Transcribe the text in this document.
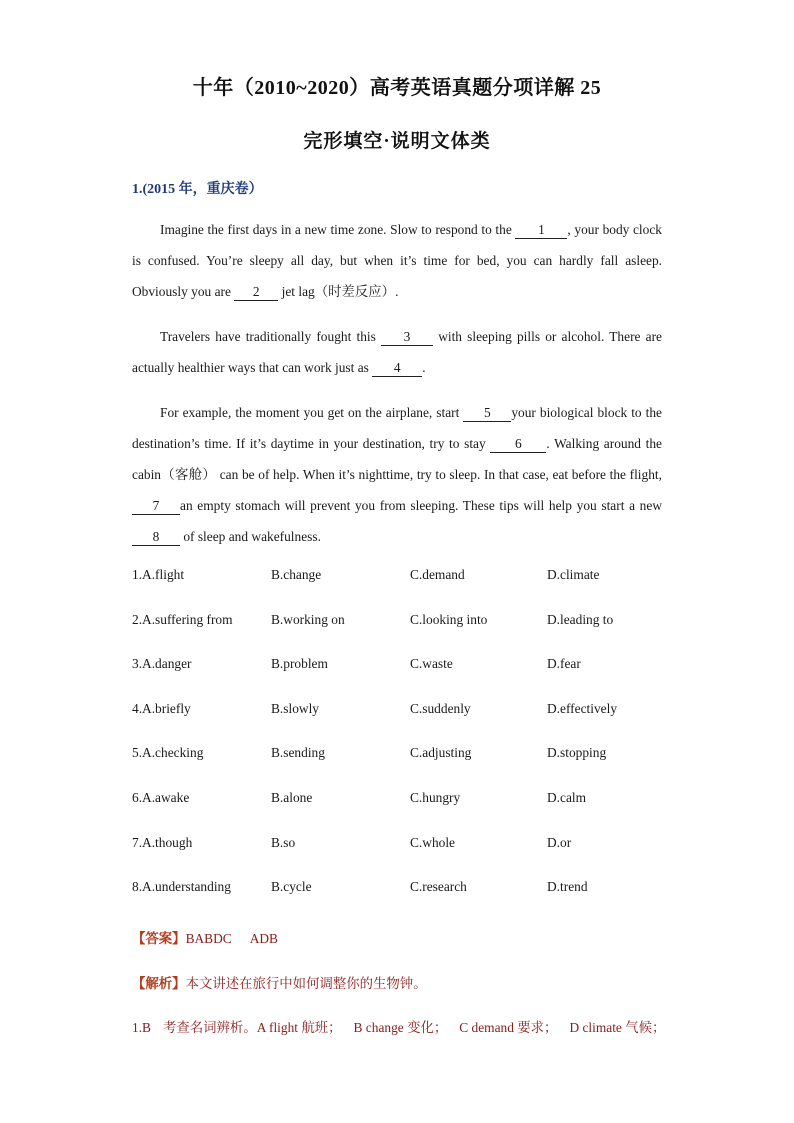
十年（2010~2020）高考英语真题分项详解 25
完形填空·说明文体类
1.(2015 年，重庆卷）

Imagine the first days in a new time zone. Slow to respond to the 1 , your body clock is confused. You’re sleepy all day, but when it’s time for bed, you can hardly fall asleep. Obviously you are 2 jet lag（时差反应）.

Travelers have traditionally fought this 3 with sleeping pills or alcohol. There are actually healthier ways that can work just as 4 .

For example, the moment you get on the airplane, start 5 your biological block to the destination’s time. If it’s daytime in your destination, try to stay 6 . Walking around the cabin（客舱） can be of help. When it’s nighttime, try to sleep. In that case, eat before the flight, 7 an empty stomach will prevent you from sleeping. These tips will help you start a new 8 of sleep and wakefulness.

1.A.flight	B.change	C.demand	D.climate
2.A.suffering from	B.working on	C.looking into	D.leading to
3.A.danger	B.problem	C.waste	D.fear
4.A.briefly	B.slowly	C.suddenly	D.effectively
5.A.checking	B.sending	C.adjusting	D.stopping
6.A.awake	B.alone	C.hungry	D.calm
7.A.though	B.so	C.whole	D.or
8.A.understanding	B.cycle	C.research	D.trend
【答案】BABDC ADB
【解析】本文讲述在旅行中如何调整你的生物钟。
1.B 考查名词辨析。A flight 航班； B change 变化； C demand 要求； D climate 气候；
